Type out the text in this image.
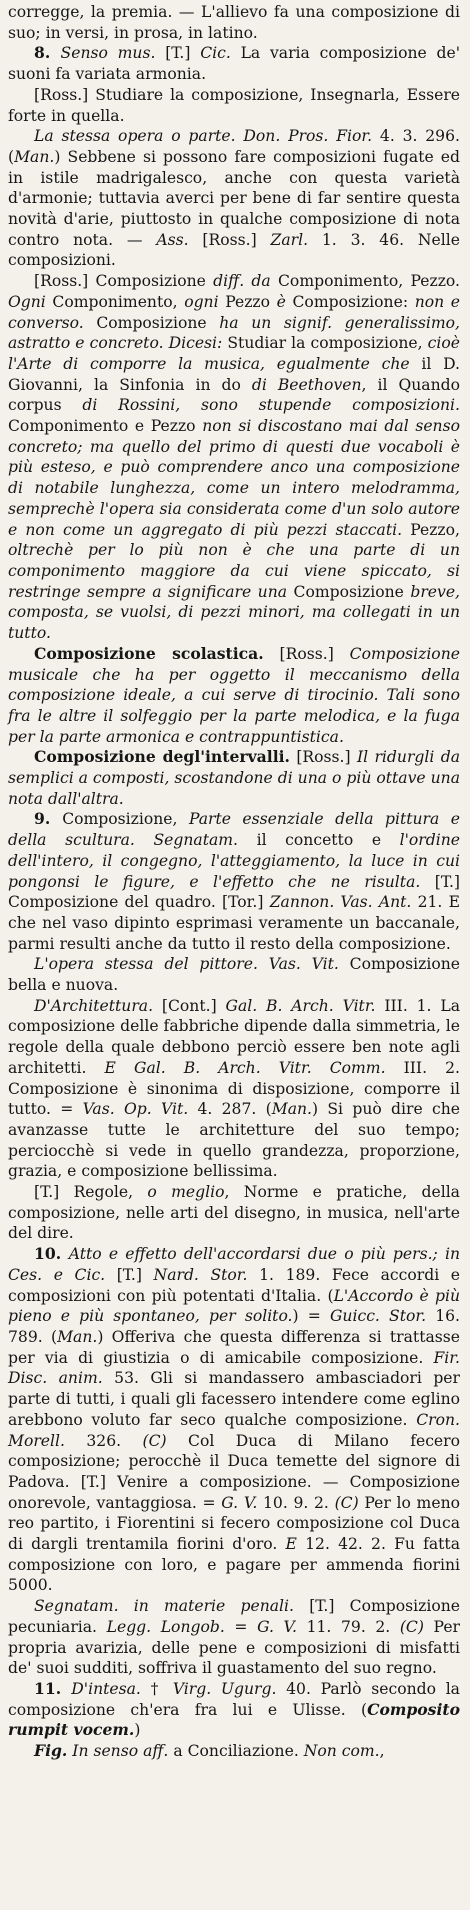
corregge, la premia. — L'allievo fa una composizione di suo; in versi, in prosa, in latino.

8. Senso mus. [T.] Cic. La varia composizione de' suoni fa variata armonia.

[Ross.] Studiare la composizione, Insegnarla, Essere forte in quella.

La stessa opera o parte. Don. Pros. Fior. 4. 3. 296. (Man.) Sebbene si possono fare composizioni fugate ed in istile madrigalesco, anche con questa varietà d'armonie; tuttavia averci per bene di far sentire questa novità d'arie, piuttosto in qualche composizione di nota contro nota. — Ass. [Ross.] Zarl. 1. 3. 46. Nelle composizioni.

[Ross.] Composizione diff. da Componimento, Pezzo. Ogni Componimento, ogni Pezzo è Composizione: non e converso. Composizione ha un signif. generalissimo, astratto e concreto. Dicesi: Studiar la composizione, cioè l'Arte di comporre la musica, egualmente che il D. Giovanni, la Sinfonia in do di Beethoven, il Quando corpus di Rossini, sono stupende composizioni. Componimento e Pezzo non si discostano mai dal senso concreto; ma quello del primo di questi due vocaboli è più esteso, e può comprendere anco una composizione di notabile lunghezza, come un intero melodramma, semprechè l'opera sia considerata come d'un solo autore e non come un aggregato di più pezzi staccati. Pezzo, oltrechè per lo più non è che una parte di un componimento maggiore da cui viene spiccato, si restringe sempre a significare una Composizione breve, composta, se vuolsi, di pezzi minori, ma collegati in un tutto.

Composizione scolastica. [Ross.] Composizione musicale che ha per oggetto il meccanismo della composizione ideale, a cui serve di tirocinio. Tali sono fra le altre il solfeggio per la parte melodica, e la fuga per la parte armonica e contrappuntistica.

Composizione degl'intervalli. [Ross.] Il ridurgli da semplici a composti, scostandone di una o più ottave una nota dall'altra.

9. Composizione, Parte essenziale della pittura e della scultura. Segnatam. il concetto e l'ordine dell'intero, il congegno, l'atteggiamento, la luce in cui pongonsi le figure, e l'effetto che ne risulta. [T.] Composizione del quadro. [Tor.] Zannon. Vas. Ant. 21. E che nel vaso dipinto esprimasi veramente un baccanale, parmi resulti anche da tutto il resto della composizione.

L'opera stessa del pittore. Vas. Vit. Composizione bella e nuova.

D'Architettura. [Cont.] Gal. B. Arch. Vitr. III. 1. La composizione delle fabbriche dipende dalla simmetria, le regole della quale debbono perciò essere ben note agli architetti. E Gal. B. Arch. Vitr. Comm. III. 2. Composizione è sinonima di disposizione, comporre il tutto. = Vas. Op. Vit. 4. 287. (Man.) Si può dire che avanzasse tutte le architetture del suo tempo; perciocchè si vede in quello grandezza, proporzione, grazia, e composizione bellissima.

[T.] Regole, o meglio, Norme e pratiche, della composizione, nelle arti del disegno, in musica, nell'arte del dire.

10. Atto e effetto dell'accordarsi due o più pers.; in Ces. e Cic. [T.] Nard. Stor. 1. 189. Fece accordi e composizioni con più potentati d'Italia. (L'Accordo è più pieno e più spontaneo, per solito.) = Guicc. Stor. 16. 789. (Man.) Offeriva che questa differenza si trattasse per via di giustizia o di amicabile composizione. Fir. Disc. anim. 53. Gli si mandassero ambasciadori per parte di tutti, i quali gli facessero intendere come eglino arebbono voluto far seco qualche composizione. Cron. Morell. 326. (C) Col Duca di Milano fecero composizione; perocchè il Duca temette del signore di Padova. [T.] Venire a composizione. — Composizione onorevole, vantaggiosa. = G. V. 10. 9. 2. (C) Per lo meno reo partito, i Fiorentini si fecero composizione col Duca di dargli trentamila fiorini d'oro. E 12. 42. 2. Fu fatta composizione con loro, e pagare per ammenda fiorini 5000.

Segnatam. in materie penali. [T.] Composizione pecuniaria. Legg. Longob. = G. V. 11. 79. 2. (C) Per propria avarizia, delle pene e composizioni di misfatti de' suoi sudditi, soffriva il guastamento del suo regno.

11. D'intesa. † Virg. Ugurg. 40. Parlò secondo la composizione ch'era fra lui e Ulisse. (Composito rumpit vocem.)

Fig. In senso aff. a Conciliazione. Non com.,
